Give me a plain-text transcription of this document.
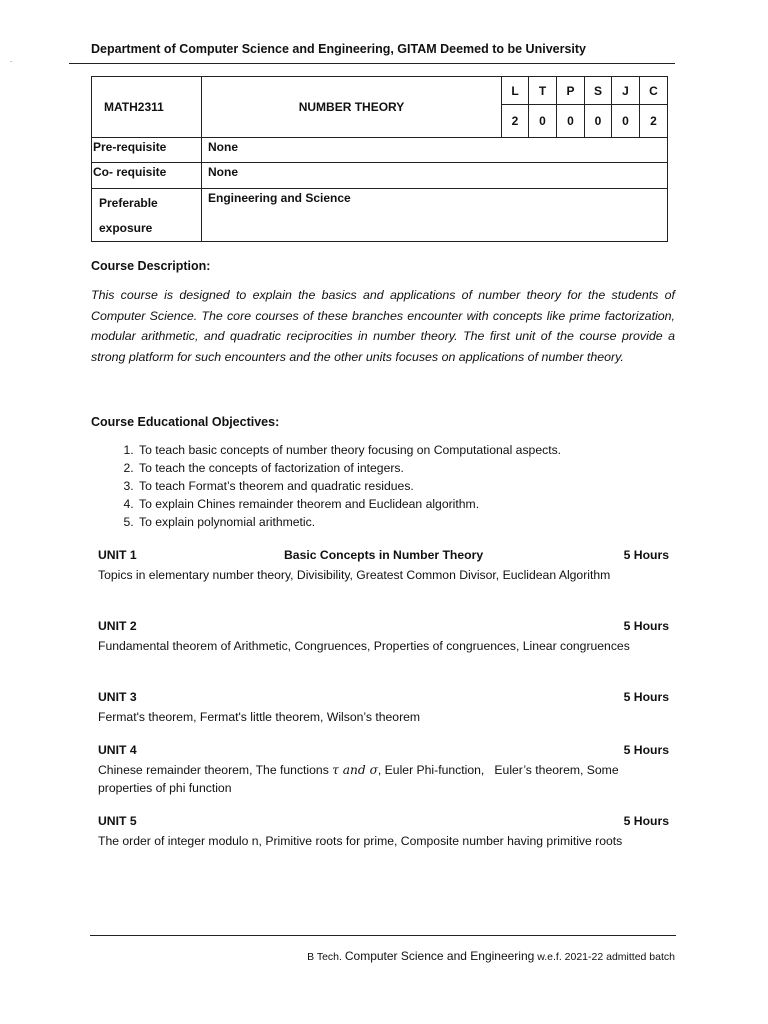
.
Department of Computer Science and Engineering, GITAM Deemed to be University
MATH2311	NUMBER THEORY	L	T	P	S	J	C
		2	0	0	0	0	2
Pre-requisite	None						
Co- requisite	None						

Preferable exposure	Engineering and Science						
Course Description:
This course is designed to explain the basics and applications of number theory for the students of Computer Science. The core courses of these branches encounter with concepts like prime factorization, modular arithmetic, and quadratic reciprocities in number theory. The first unit of the course provide a strong platform for such encounters and the other units focuses on applications of number theory.
Course Educational Objectives:
1. To teach basic concepts of number theory focusing on Computational aspects.
2. To teach the concepts of factorization of integers.
3. To teach Format’s theorem and quadratic residues.
4. To explain Chines remainder theorem and Euclidean algorithm.
5. To explain polynomial arithmetic.
UNIT 1	Basic Concepts in Number Theory	5 Hours
Topics in elementary number theory, Divisibility, Greatest Common Divisor, Euclidean Algorithm
UNIT 2	5 Hours
Fundamental theorem of Arithmetic, Congruences, Properties of congruences, Linear congruences
UNIT 3	5 Hours
Fermat's theorem, Fermat's little theorem, Wilson’s theorem
UNIT 4	5 Hours
Chinese remainder theorem, The functions τ and σ, Euler Phi-function,   Euler’s theorem, Some properties of phi function
UNIT 5	5 Hours
The order of integer modulo n, Primitive roots for prime, Composite number having primitive roots
B Tech. Computer Science and Engineering w.e.f. 2021-22 admitted batch
